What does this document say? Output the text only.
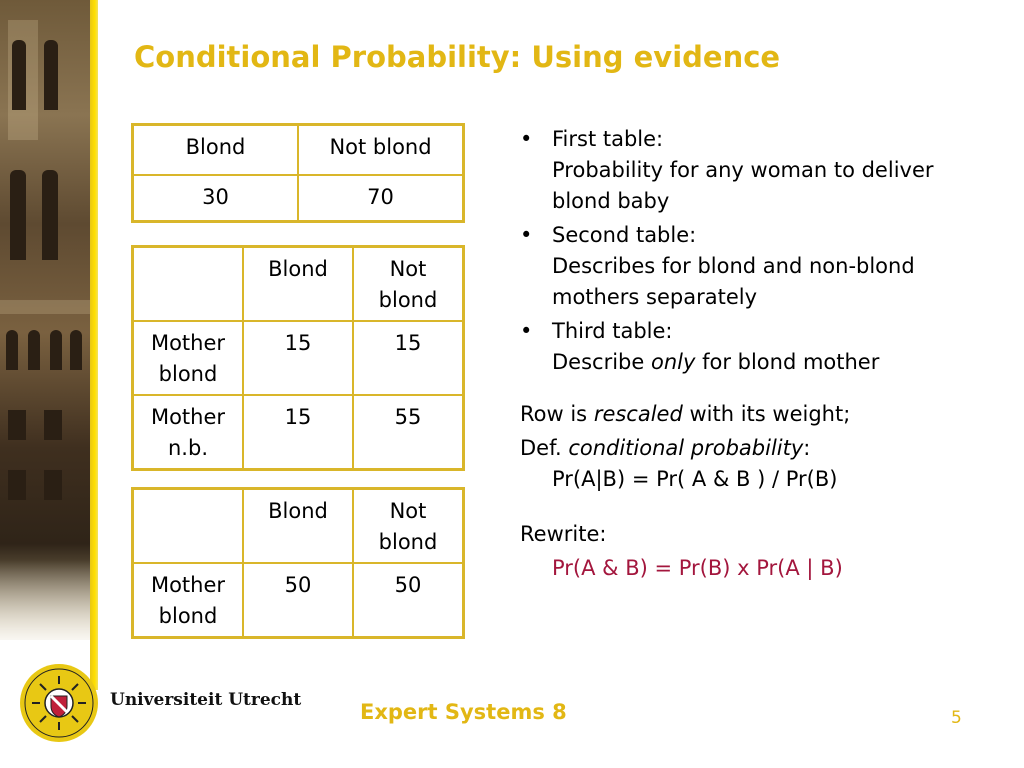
Conditional Probability: Using evidence
Blond	Not blond
30	70
	Blond	Not blond
Mother blond	15	15
Mother n.b.	15	55
	Blond	Not blond
Mother blond	50	50
• First table:
Probability for any woman to deliver blond baby
• Second table:
Describes for blond and non-blond mothers separately
• Third table:
Describe only for blond mother
Row is rescaled with its weight;
Def. conditional probability:
Pr(A|B) = Pr( A & B ) / Pr(B)
Rewrite:
Pr(A & B) = Pr(B) x Pr(A | B)
Universiteit Utrecht	Expert Systems 8	5
